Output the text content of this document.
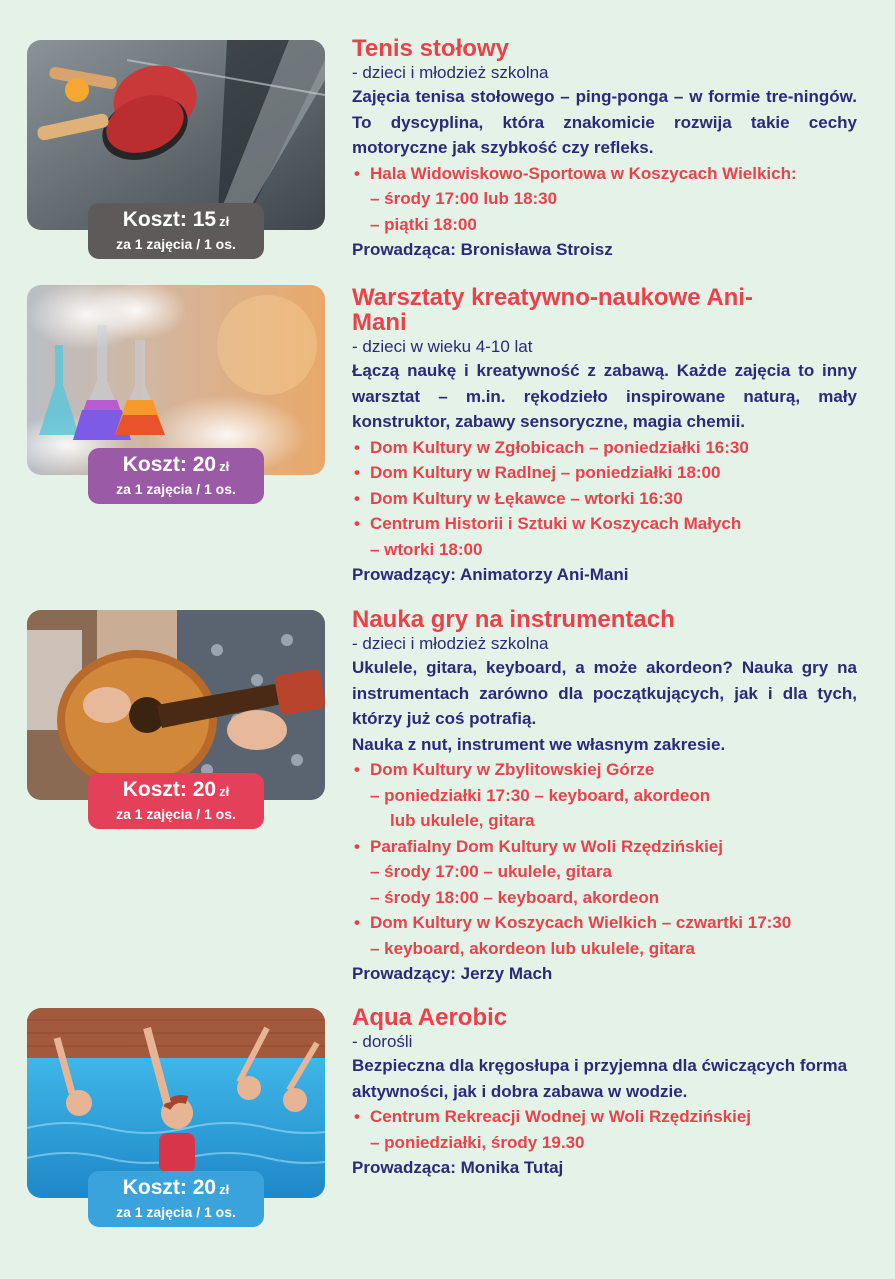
Koszt: 15 zł
za 1 zajęcia / 1 os.
Tenis stołowy
- dzieci i młodzież szkolna

Zajęcia tenisa stołowego – ping-ponga – w formie tre-ningów. To dyscyplina, która znakomicie rozwija takie cechy motoryczne jak szybkość czy refleks.

• Hala Widowiskowo-Sportowa w Koszycach Wielkich:
– środy 17:00 lub 18:30
– piątki 18:00
Prowadząca: Bronisława Stroisz
Koszt: 20 zł
za 1 zajęcia / 1 os.
Warsztaty kreatywno-naukowe Ani-Mani
- dzieci w wieku 4-10 lat

Łączą naukę i kreatywność z zabawą. Każde zajęcia to inny warsztat – m.in. rękodzieło inspirowane naturą, mały konstruktor, zabawy sensoryczne, magia chemii.

• Dom Kultury w Zgłobicach – poniedziałki 16:30
• Dom Kultury w Radlnej – poniedziałki 18:00
• Dom Kultury w Łękawce – wtorki 16:30
• Centrum Historii i Sztuki w Koszycach Małych
– wtorki 18:00
Prowadzący: Animatorzy Ani-Mani
Koszt: 20 zł
za 1 zajęcia / 1 os.
Nauka gry na instrumentach
- dzieci i młodzież szkolna

Ukulele, gitara, keyboard, a może akordeon? Nauka gry na instrumentach zarówno dla początkujących, jak i dla tych, którzy już coś potrafią.

Nauka z nut, instrument we własnym zakresie.

• Dom Kultury w Zbylitowskiej Górze
– poniedziałki 17:30 – keyboard, akordeon
lub ukulele, gitara
• Parafialny Dom Kultury w Woli Rzędzińskiej
– środy 17:00 – ukulele, gitara
– środy 18:00 – keyboard, akordeon
• Dom Kultury w Koszycach Wielkich – czwartki 17:30
– keyboard, akordeon lub ukulele, gitara
Prowadzący: Jerzy Mach
Koszt: 20 zł
za 1 zajęcia / 1 os.
Aqua Aerobic
- dorośli

Bezpieczna dla kręgosłupa i przyjemna dla ćwiczących forma aktywności, jak i dobra zabawa w wodzie.

• Centrum Rekreacji Wodnej w Woli Rzędzińskiej
– poniedziałki, środy 19.30
Prowadząca: Monika Tutaj
